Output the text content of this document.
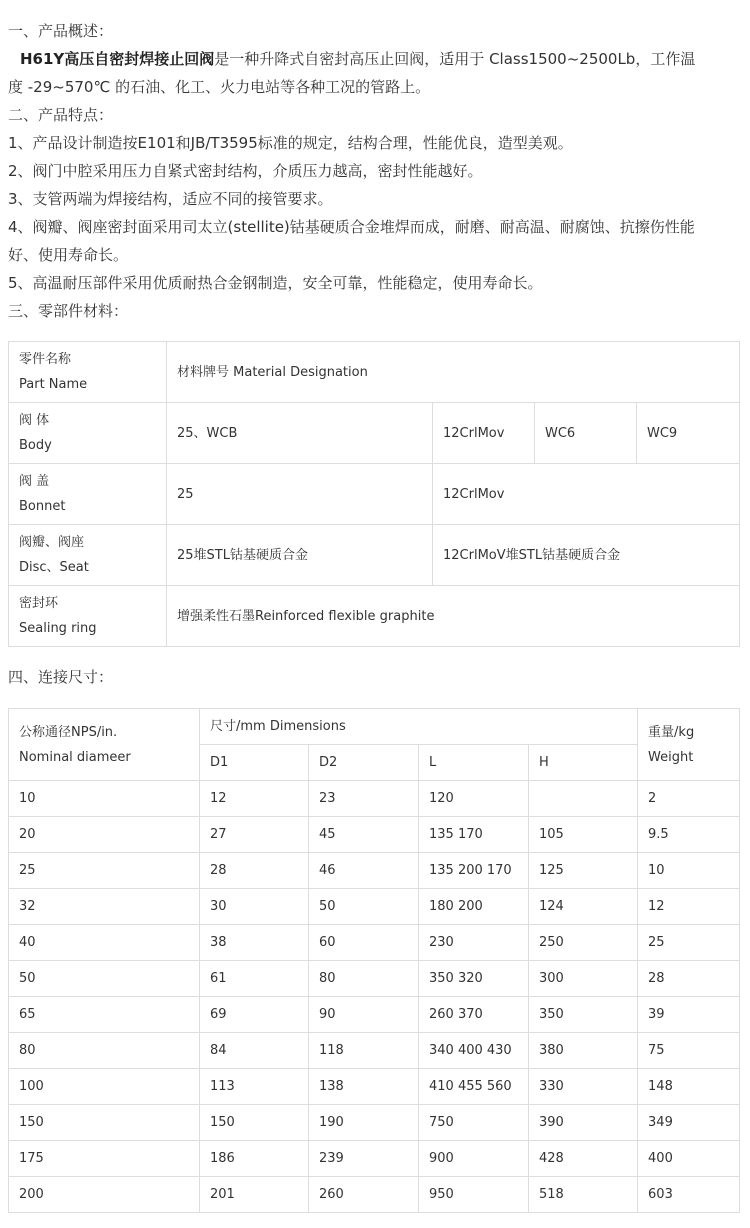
一、产品概述：
H61Y高压自密封焊接止回阀是一种升降式自密封高压止回阀，适用于 Class1500~2500Lb，工作温
度 -29~570℃ 的石油、化工、火力电站等各种工况的管路上。
二、产品特点：
1、产品设计制造按E101和JB/T3595标准的规定，结构合理，性能优良，造型美观。
2、阀门中腔采用压力自紧式密封结构，介质压力越高，密封性能越好。
3、支管两端为焊接结构，适应不同的接管要求。
4、阀瓣、阀座密封面采用司太立(stellite)钴基硬质合金堆焊而成，耐磨、耐高温、耐腐蚀、抗擦伤性能
好、使用寿命长。
5、高温耐压部件采用优质耐热合金钢制造，安全可靠，性能稳定，使用寿命长。
三、零部件材料：
零件名称
Part Name	材料牌号 Material Designation			

阀 体
Body	25、WCB	12CrlMov	WC6	WC9

阀 盖
Bonnet	25	12CrlMov		

阀瓣、阀座
Disc、Seat	25堆STL钴基硬质合金	12CrlMoV堆STL钴基硬质合金		

密封环
Sealing ring	增强柔性石墨Reinforced flexible graphite			
四、连接尺寸：
公称通径NPS/in.
Nominal diameer	尺寸/mm Dimensions				重量/kg
Weight

	D1	D2	L	H	
10	12	23	120		2
20	27	45	135 170	105	9.5
25	28	46	135 200 170	125	10
32	30	50	180 200	124	12
40	38	60	230	250	25
50	61	80	350 320	300	28
65	69	90	260 370	350	39
80	84	118	340 400 430	380	75
100	113	138	410 455 560	330	148
150	150	190	750	390	349
175	186	239	900	428	400
200	201	260	950	518	603
